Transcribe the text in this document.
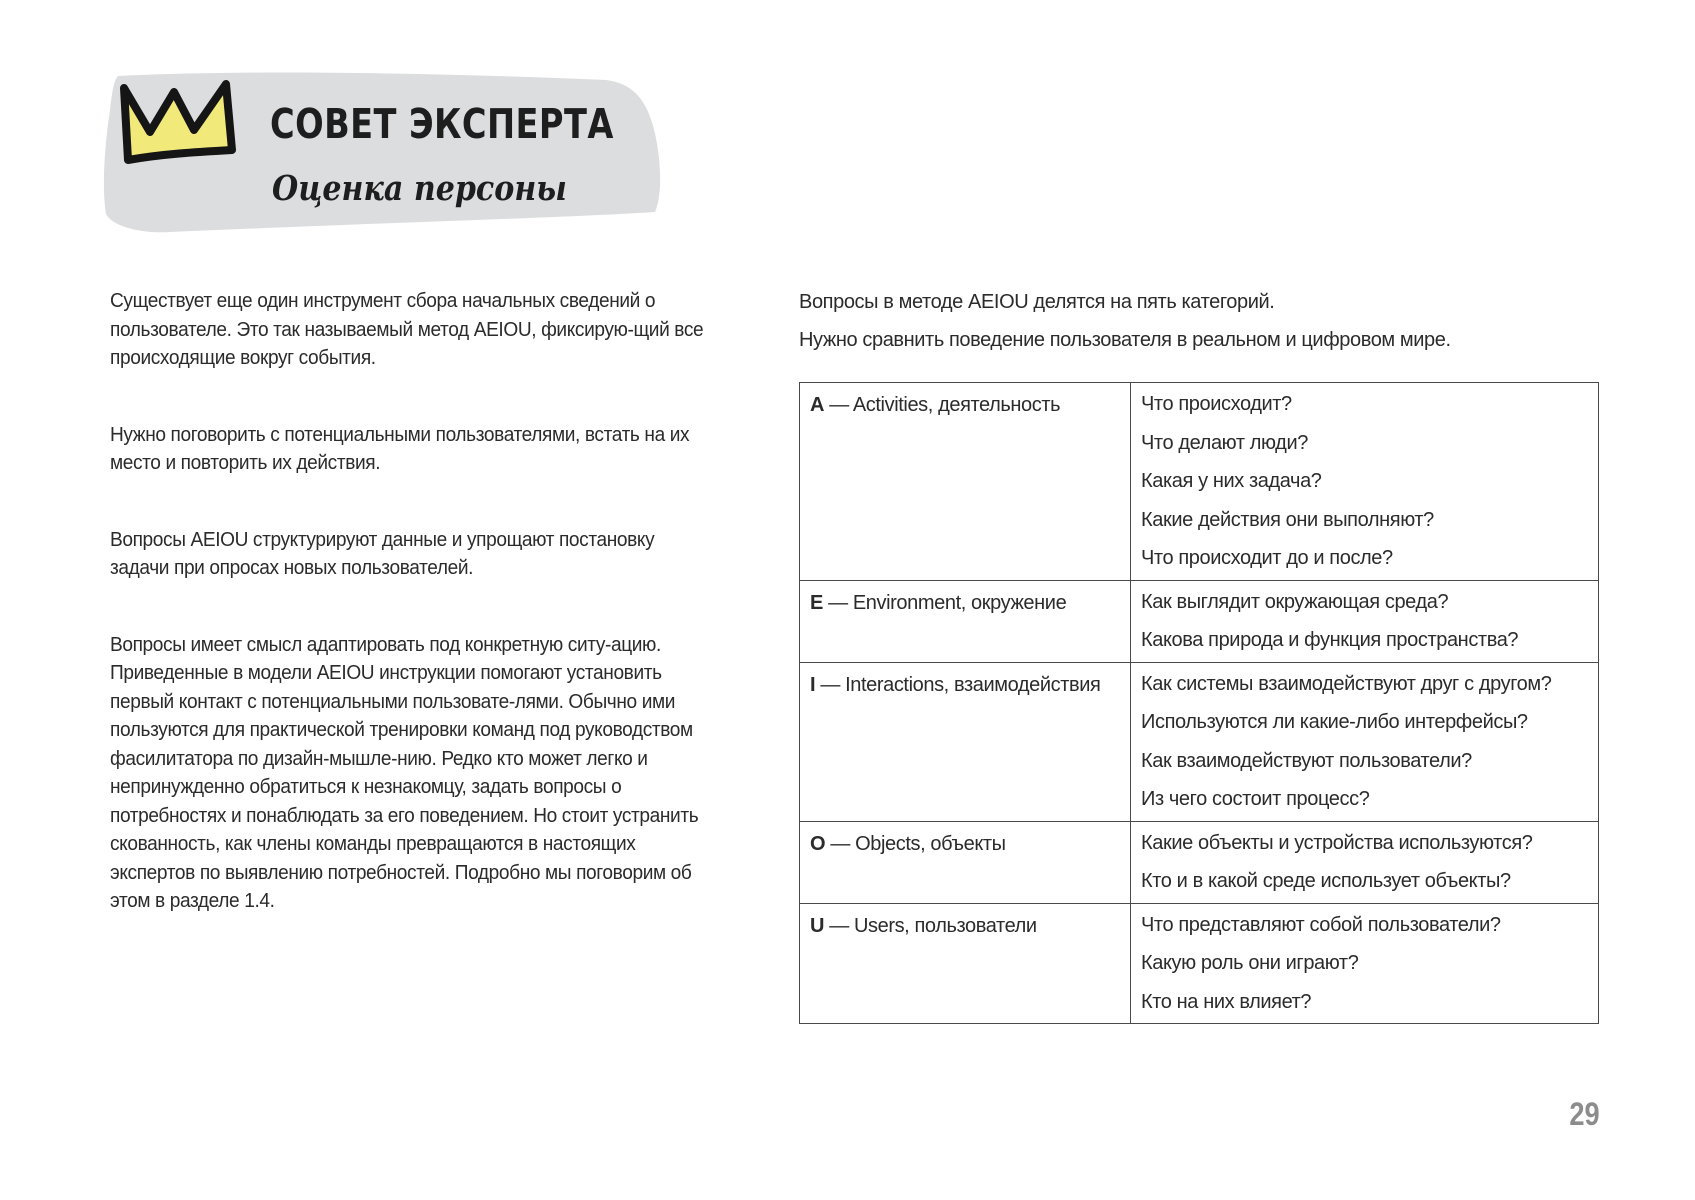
СОВЕТ ЭКСПЕРТА
Оценка персоны

Существует еще один инструмент сбора начальных сведений о пользователе. Это так называемый метод AEIOU, фиксирую-щий все происходящие вокруг события.

Нужно поговорить с потенциальными пользователями, встать на их место и повторить их действия.

Вопросы AEIOU структурируют данные и упрощают постановку задачи при опросах новых пользователей.

Вопросы имеет смысл адаптировать под конкретную ситу-ацию. Приведенные в модели AEIOU инструкции помогают установить первый контакт с потенциальными пользовате-лями. Обычно ими пользуются для практической тренировки команд под руководством фасилитатора по дизайн-мышле-нию. Редко кто может легко и непринужденно обратиться к незнакомцу, задать вопросы о потребностях и понаблюдать за его поведением. Но стоит устранить скованность, как члены команды превращаются в настоящих экспертов по выявлению потребностей. Подробно мы поговорим об этом в разделе 1.4.

Вопросы в методе AEIOU делятся на пять категорий.

Нужно сравнить поведение пользователя в реальном и цифровом мире.

A — Activities, деятельность	Что происходит?
Что делают люди?
Какая у них задача?
Какие действия они выполняют?
Что происходит до и после?

E — Environment, окружение	Как выглядит окружающая среда?
Какова природа и функция пространства?

I — Interactions, взаимодействия	Как системы взаимодействуют друг с другом?
Используются ли какие-либо интерфейсы?
Как взаимодействуют пользователи?
Из чего состоит процесс?

O — Objects, объекты	Какие объекты и устройства используются?
Кто и в какой среде использует объекты?

U — Users, пользователи	Что представляют собой пользователи?
Какую роль они играют?
Кто на них влияет?
29
